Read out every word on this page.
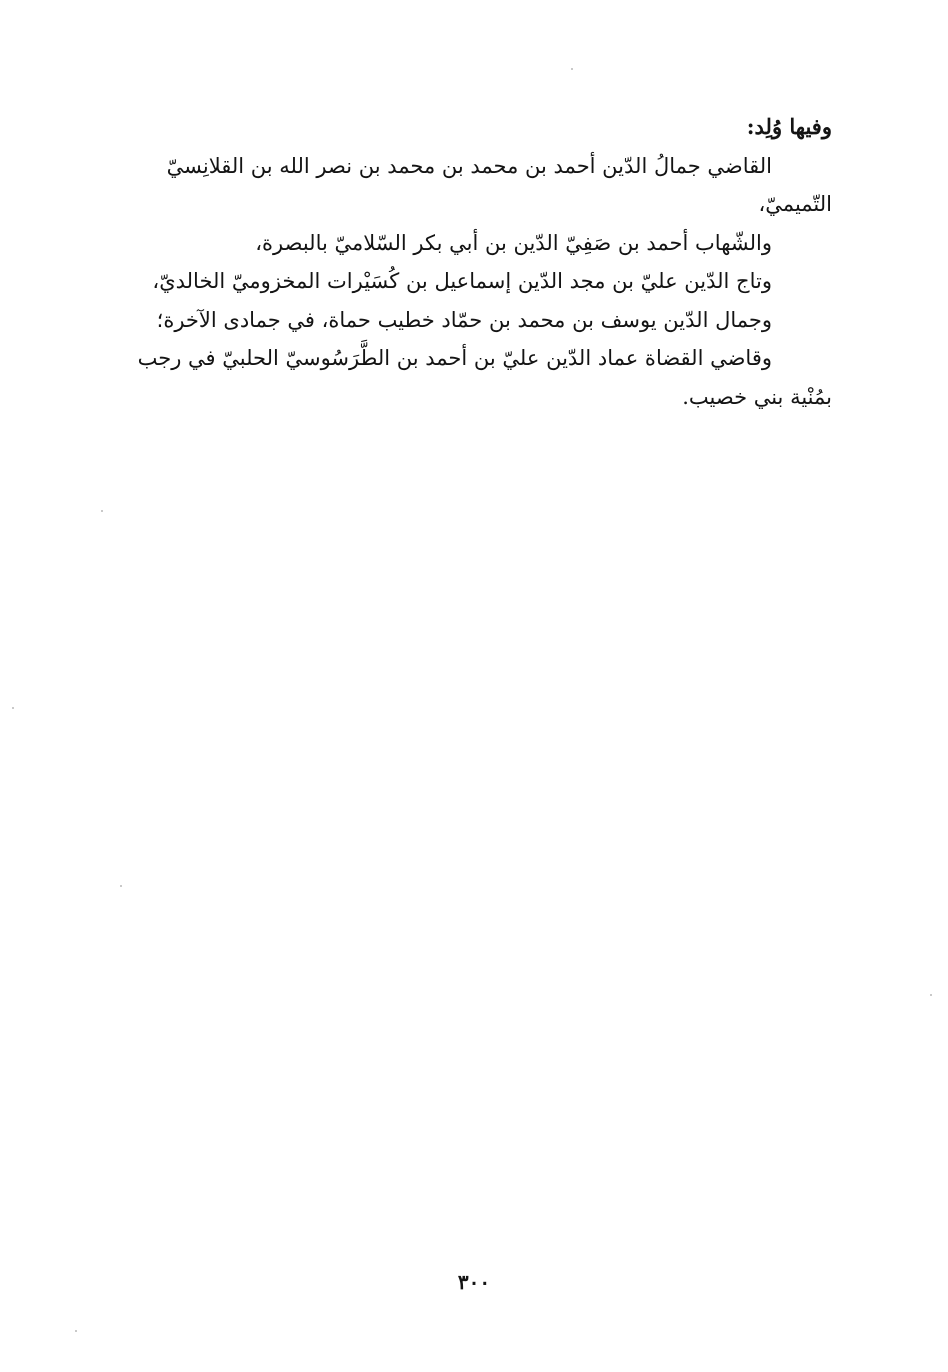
وفيها وُلِد:
القاضي جمالُ الدّين أحمد بن محمد بن محمد بن نصر الله بن القلانِسيّ
التّميميّ،
والشّهاب أحمد بن صَفِيّ الدّين بن أبي بكر السّلاميّ بالبصرة،
وتاج الدّين عليّ بن مجد الدّين إسماعيل بن كُسَيْرات المخزوميّ الخالديّ،
وجمال الدّين يوسف بن محمد بن حمّاد خطيب حماة، في جمادى الآخرة؛
وقاضي القضاة عماد الدّين عليّ بن أحمد بن الطَّرَسُوسيّ الحلبيّ في رجب
بمُنْية بني خصيب.
٣٠٠
